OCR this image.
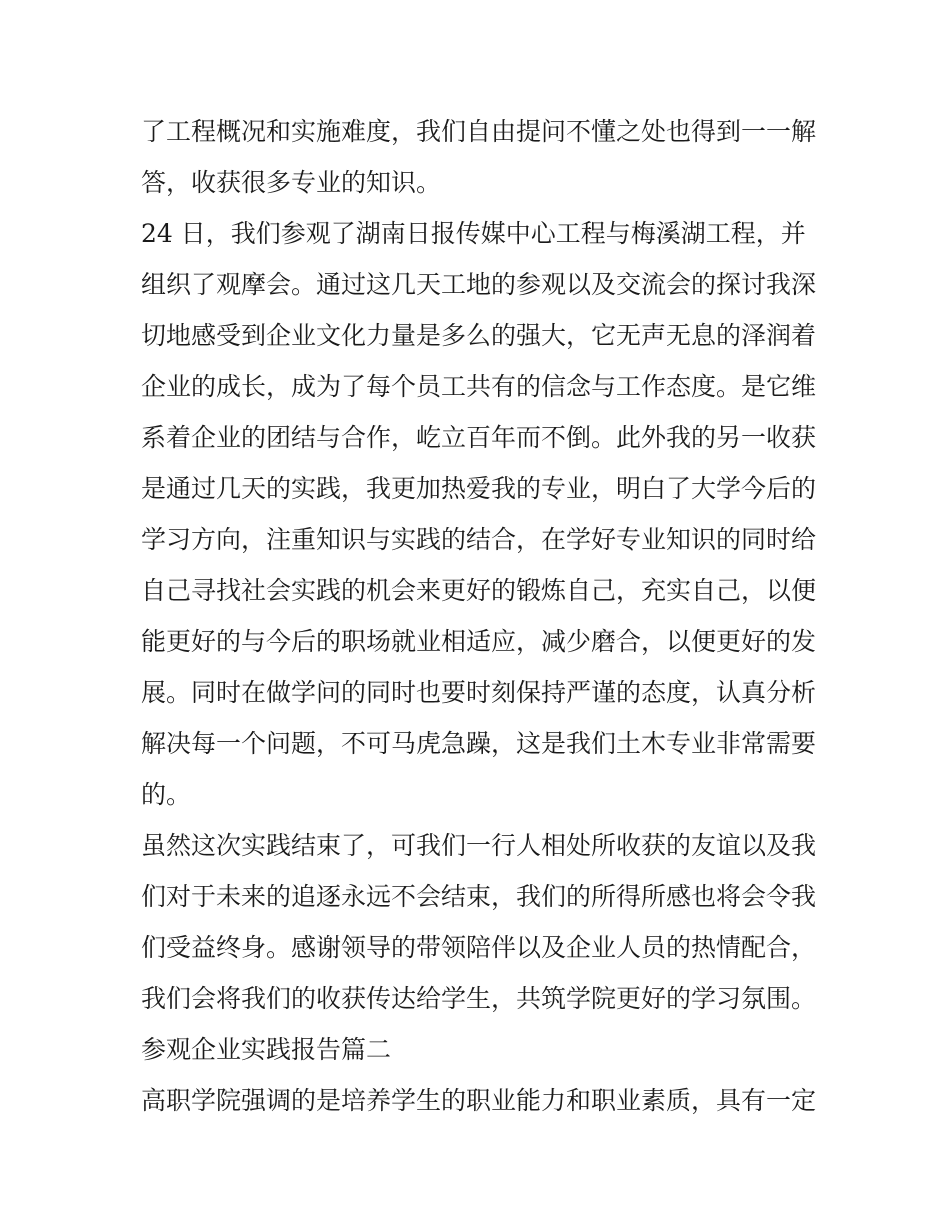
了工程概况和实施难度，我们自由提问不懂之处也得到一一解
答，收获很多专业的知识。
24 日，我们参观了湖南日报传媒中心工程与梅溪湖工程，并
组织了观摩会。通过这几天工地的参观以及交流会的探讨我深
切地感受到企业文化力量是多么的强大，它无声无息的泽润着
企业的成长，成为了每个员工共有的信念与工作态度。是它维
系着企业的团结与合作，屹立百年而不倒。此外我的另一收获
是通过几天的实践，我更加热爱我的专业，明白了大学今后的
学习方向，注重知识与实践的结合，在学好专业知识的同时给
自己寻找社会实践的机会来更好的锻炼自己，充实自己，以便
能更好的与今后的职场就业相适应，减少磨合，以便更好的发
展。同时在做学问的同时也要时刻保持严谨的态度，认真分析
解决每一个问题，不可马虎急躁，这是我们土木专业非常需要
的。
虽然这次实践结束了，可我们一行人相处所收获的友谊以及我
们对于未来的追逐永远不会结束，我们的所得所感也将会令我
们受益终身。感谢领导的带领陪伴以及企业人员的热情配合，
我们会将我们的收获传达给学生，共筑学院更好的学习氛围。
参观企业实践报告篇二
高职学院强调的是培养学生的职业能力和职业素质，具有一定
